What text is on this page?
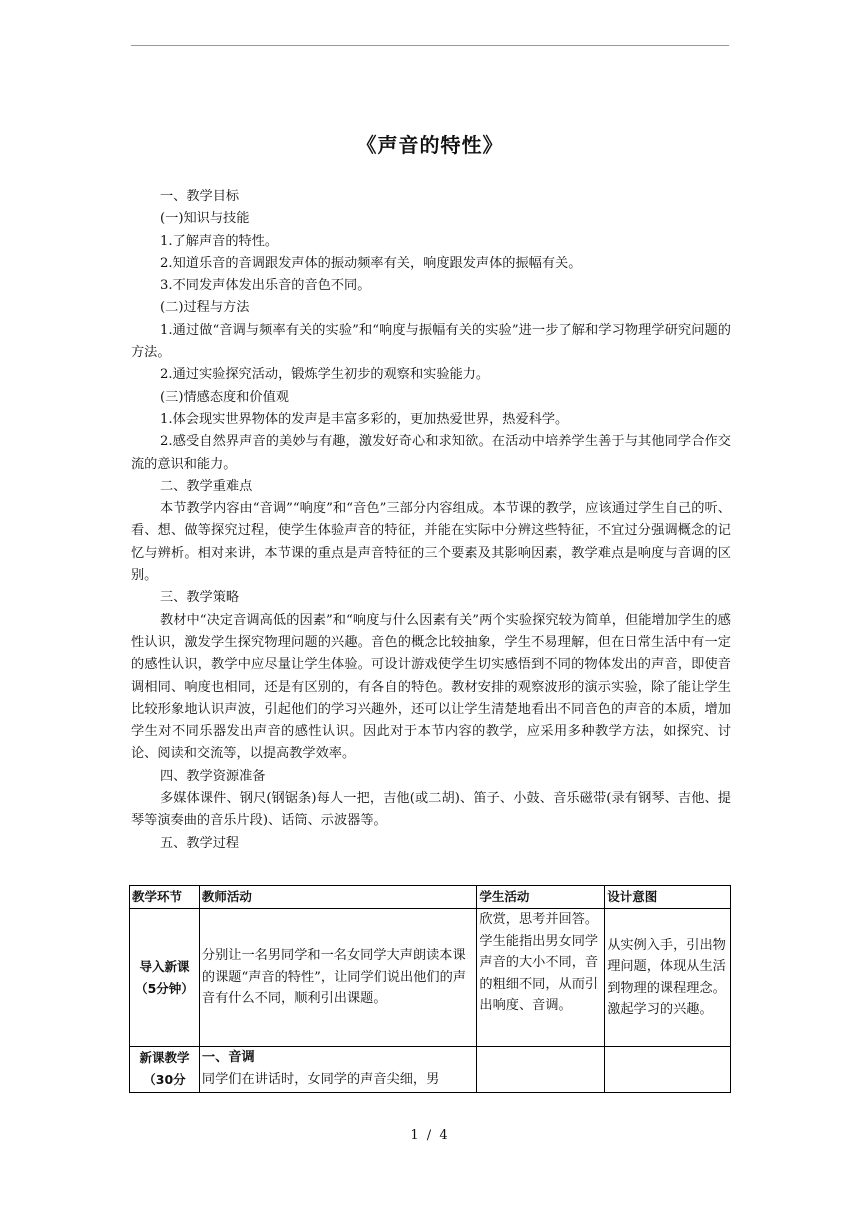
《声音的特性》

一、教学目标

(一)知识与技能

1.了解声音的特性。

2.知道乐音的音调跟发声体的振动频率有关，响度跟发声体的振幅有关。

3.不同发声体发出乐音的音色不同。

(二)过程与方法

1.通过做“音调与频率有关的实验”和“响度与振幅有关的实验”进一步了解和学习物理学研究问题的方法。

2.通过实验探究活动，锻炼学生初步的观察和实验能力。

(三)情感态度和价值观

1.体会现实世界物体的发声是丰富多彩的，更加热爱世界，热爱科学。

2.感受自然界声音的美妙与有趣，激发好奇心和求知欲。在活动中培养学生善于与其他同学合作交流的意识和能力。

二、教学重难点

本节教学内容由“音调”“响度”和“音色”三部分内容组成。本节课的教学，应该通过学生自己的听、看、想、做等探究过程，使学生体验声音的特征，并能在实际中分辨这些特征，不宜过分强调概念的记忆与辨析。相对来讲，本节课的重点是声音特征的三个要素及其影响因素，教学难点是响度与音调的区别。

三、教学策略

教材中“决定音调高低的因素”和“响度与什么因素有关”两个实验探究较为简单，但能增加学生的感性认识，激发学生探究物理问题的兴趣。音色的概念比较抽象，学生不易理解，但在日常生活中有一定的感性认识，教学中应尽量让学生体验。可设计游戏使学生切实感悟到不同的物体发出的声音，即使音调相同、响度也相同，还是有区别的，有各自的特色。教材安排的观察波形的演示实验，除了能让学生比较形象地认识声波，引起他们的学习兴趣外，还可以让学生清楚地看出不同音色的声音的本质，增加学生对不同乐器发出声音的感性认识。因此对于本节内容的教学，应采用多种教学方法，如探究、讨论、阅读和交流等，以提高教学效率。

四、教学资源准备

多媒体课件、钢尺(钢锯条)每人一把，吉他(或二胡)、笛子、小鼓、音乐磁带(录有钢琴、吉他、提琴等演奏曲的音乐片段)、话筒、示波器等。

五、教学过程

教学环节	教师活动	学生活动	设计意图
导入新课（5分钟）	分别让一名男同学和一名女同学大声朗读本课的课题“声音的特性”，让同学们说出他们的声音有什么不同，顺利引出课题。	欣赏，思考并回答。学生能指出男女同学声音的大小不同，音的粗细不同，从而引出响度、音调。	从实例入手，引出物理问题，体现从生活到物理的课程理念。激起学习的兴趣。
新课教学（30分	一、音调
同学们在讲话时，女同学的声音尖细，男		

1 / 4
